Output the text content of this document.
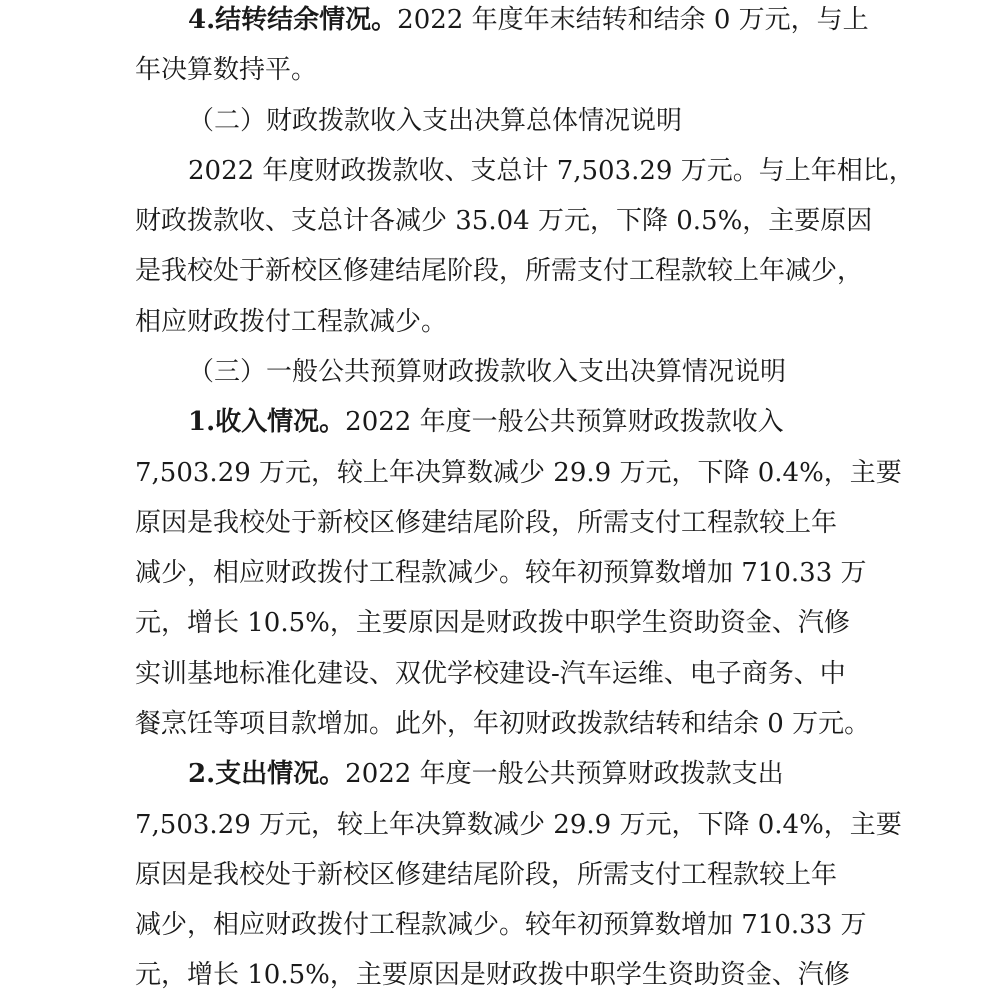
4.结转结余情况。2022 年度年末结转和结余 0 万元，与上
年决算数持平。
（二）财政拨款收入支出决算总体情况说明
2022 年度财政拨款收、支总计 7,503.29 万元。与上年相比，
财政拨款收、支总计各减少 35.04 万元，下降 0.5%，主要原因
是我校处于新校区修建结尾阶段，所需支付工程款较上年减少，
相应财政拨付工程款减少。
（三）一般公共预算财政拨款收入支出决算情况说明
1.收入情况。2022 年度一般公共预算财政拨款收入
7,503.29 万元，较上年决算数减少 29.9 万元，下降 0.4%，主要
原因是我校处于新校区修建结尾阶段，所需支付工程款较上年
减少，相应财政拨付工程款减少。较年初预算数增加 710.33 万
元，增长 10.5%，主要原因是财政拨中职学生资助资金、汽修
实训基地标准化建设、双优学校建设-汽车运维、电子商务、中
餐烹饪等项目款增加。此外，年初财政拨款结转和结余 0 万元。
2.支出情况。2022 年度一般公共预算财政拨款支出
7,503.29 万元，较上年决算数减少 29.9 万元，下降 0.4%，主要
原因是我校处于新校区修建结尾阶段，所需支付工程款较上年
减少，相应财政拨付工程款减少。较年初预算数增加 710.33 万
元，增长 10.5%，主要原因是财政拨中职学生资助资金、汽修
